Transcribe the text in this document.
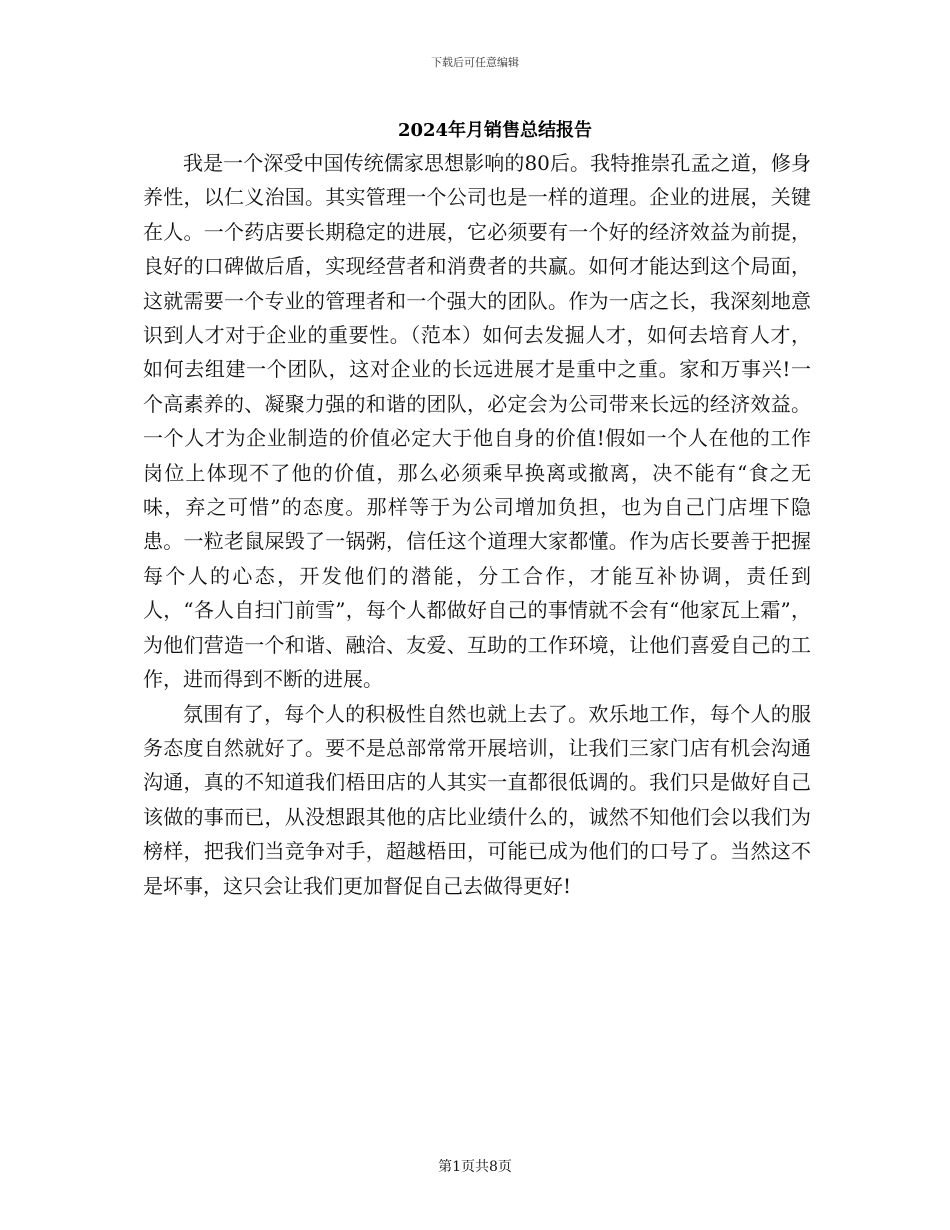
下载后可任意编辑
2024年月销售总结报告

我是一个深受中国传统儒家思想影响的80后。我特推崇孔孟之道，修身养性，以仁义治国。其实管理一个公司也是一样的道理。企业的进展，关键在人。一个药店要长期稳定的进展，它必须要有一个好的经济效益为前提，良好的口碑做后盾，实现经营者和消费者的共赢。如何才能达到这个局面，这就需要一个专业的管理者和一个强大的团队。作为一店之长，我深刻地意识到人才对于企业的重要性。（范本）如何去发掘人才，如何去培育人才，如何去组建一个团队，这对企业的长远进展才是重中之重。家和万事兴!一个高素养的、凝聚力强的和谐的团队，必定会为公司带来长远的经济效益。一个人才为企业制造的价值必定大于他自身的价值!假如一个人在他的工作岗位上体现不了他的价值，那么必须乘早换离或撤离，决不能有“食之无味，弃之可惜”的态度。那样等于为公司增加负担，也为自己门店埋下隐患。一粒老鼠屎毁了一锅粥，信任这个道理大家都懂。作为店长要善于把握每个人的心态，开发他们的潜能，分工合作，才能互补协调，责任到人，“各人自扫门前雪”，每个人都做好自己的事情就不会有“他家瓦上霜”，为他们营造一个和谐、融洽、友爱、互助的工作环境，让他们喜爱自己的工作，进而得到不断的进展。

氛围有了，每个人的积极性自然也就上去了。欢乐地工作，每个人的服务态度自然就好了。要不是总部常常开展培训，让我们三家门店有机会沟通沟通，真的不知道我们梧田店的人其实一直都很低调的。我们只是做好自己该做的事而已，从没想跟其他的店比业绩什么的，诚然不知他们会以我们为榜样，把我们当竞争对手，超越梧田，可能已成为他们的口号了。当然这不是坏事，这只会让我们更加督促自己去做得更好!

第1页共8页
